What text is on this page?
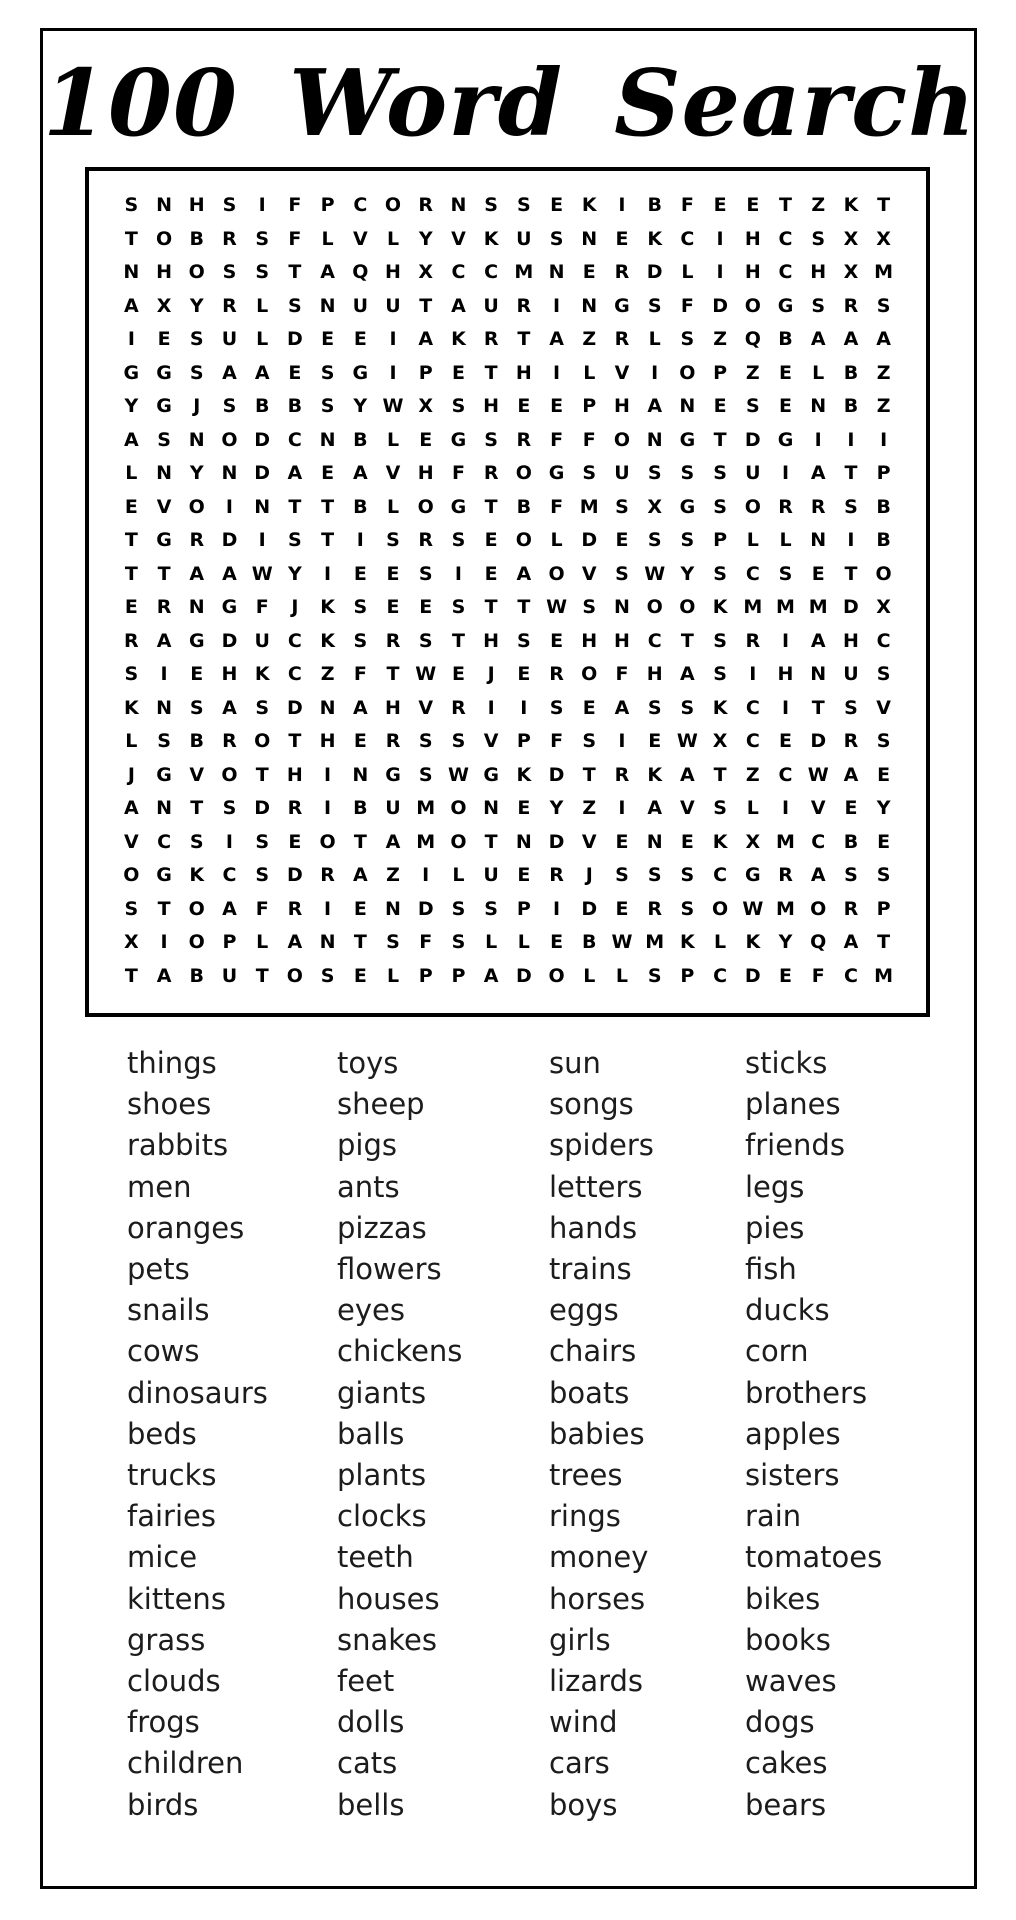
100 Word Search
S N H S	I	F	P C O R N S	S	E K	I	B F	E	E	T	Z K T
T O B R S	F	L	V	L	Y V K U S N E K C	I	H C S X X
N H O S	S	T A Q H X C C M N E R D L	I	H C H X M
A X Y R	L	S N U U T A U R	I	N G S	F D O G S R S
I	E	S U L D E	E	I	A K R T A Z R	L	S Z Q B A A A
G G S A A E	S G	I	P	E	T H	I	L	V	I	O P Z	E	L	B Z
Y G	J	S B B S Y W X S H E	E	P H A N E	S	E N B Z
A S N O D C N B	L	E G S R F	F O N G T D G	I	I	I
L N Y N D A E A V H F R O G S U S	S	S U	I	A T	P
E V O	I	N T	T B	L O G T B F M S X G S O R R S B
T G R D	I	S	T	I	S R S	E O L D E	S	S P	L	L N	I	B
T	T A A W Y	I	E	E	S	I	E A O V S W Y S C S	E	T O
E R N G F	J	K S	E	E	S	T	T W S N O O K M M M D X
R A G D U C K S R S	T H S	E H H C	T	S R	I	A H C
S	I	E H K C Z	F	T W E	J	E R O F H A S	I	H N U S
K N S A S D N A H V R	I	I	S	E A S	S K C	I	T	S V
L	S B R O T H E R S	S V P	F	S	I	E W X C	E D R S
J	G V O T H	I	N G S W G K D T R K A T	Z C W A E
A N T	S D R	I	B U M O N E	Y Z	I	A V S	L	I	V E	Y
V C S	I	S	E O T A M O T N D V E N E K X M C B E
O G K C S D R A Z	I	L U E R	J	S	S	S C G R A S	S
S	T O A F R	I	E N D S	S P	I	D E R S O W M O R P
X	I	O P	L	A N T	S	F	S	L	L	E B W M K	L	K Y Q A T
T A B U T O S	E	L	P P A D O L	L	S P C D E	F	C M
things
shoes
rabbits
men
oranges
pets
snails
cows
dinosaurs
beds
trucks
fairies
mice
kittens
grass
clouds
frogs
children
birds
toys
sheep
pigs
ants
pizzas
flowers
eyes
chickens
giants
balls
plants
clocks
teeth
houses
snakes
feet
dolls
cats
bells
sun
songs
spiders
letters
hands
trains
eggs
chairs
boats
babies
trees
rings
money
horses
girls
lizards
wind
cars
boys
sticks
planes
friends
legs
pies
fish
ducks
corn
brothers
apples
sisters
rain
tomatoes
bikes
books
waves
dogs
cakes
bears
